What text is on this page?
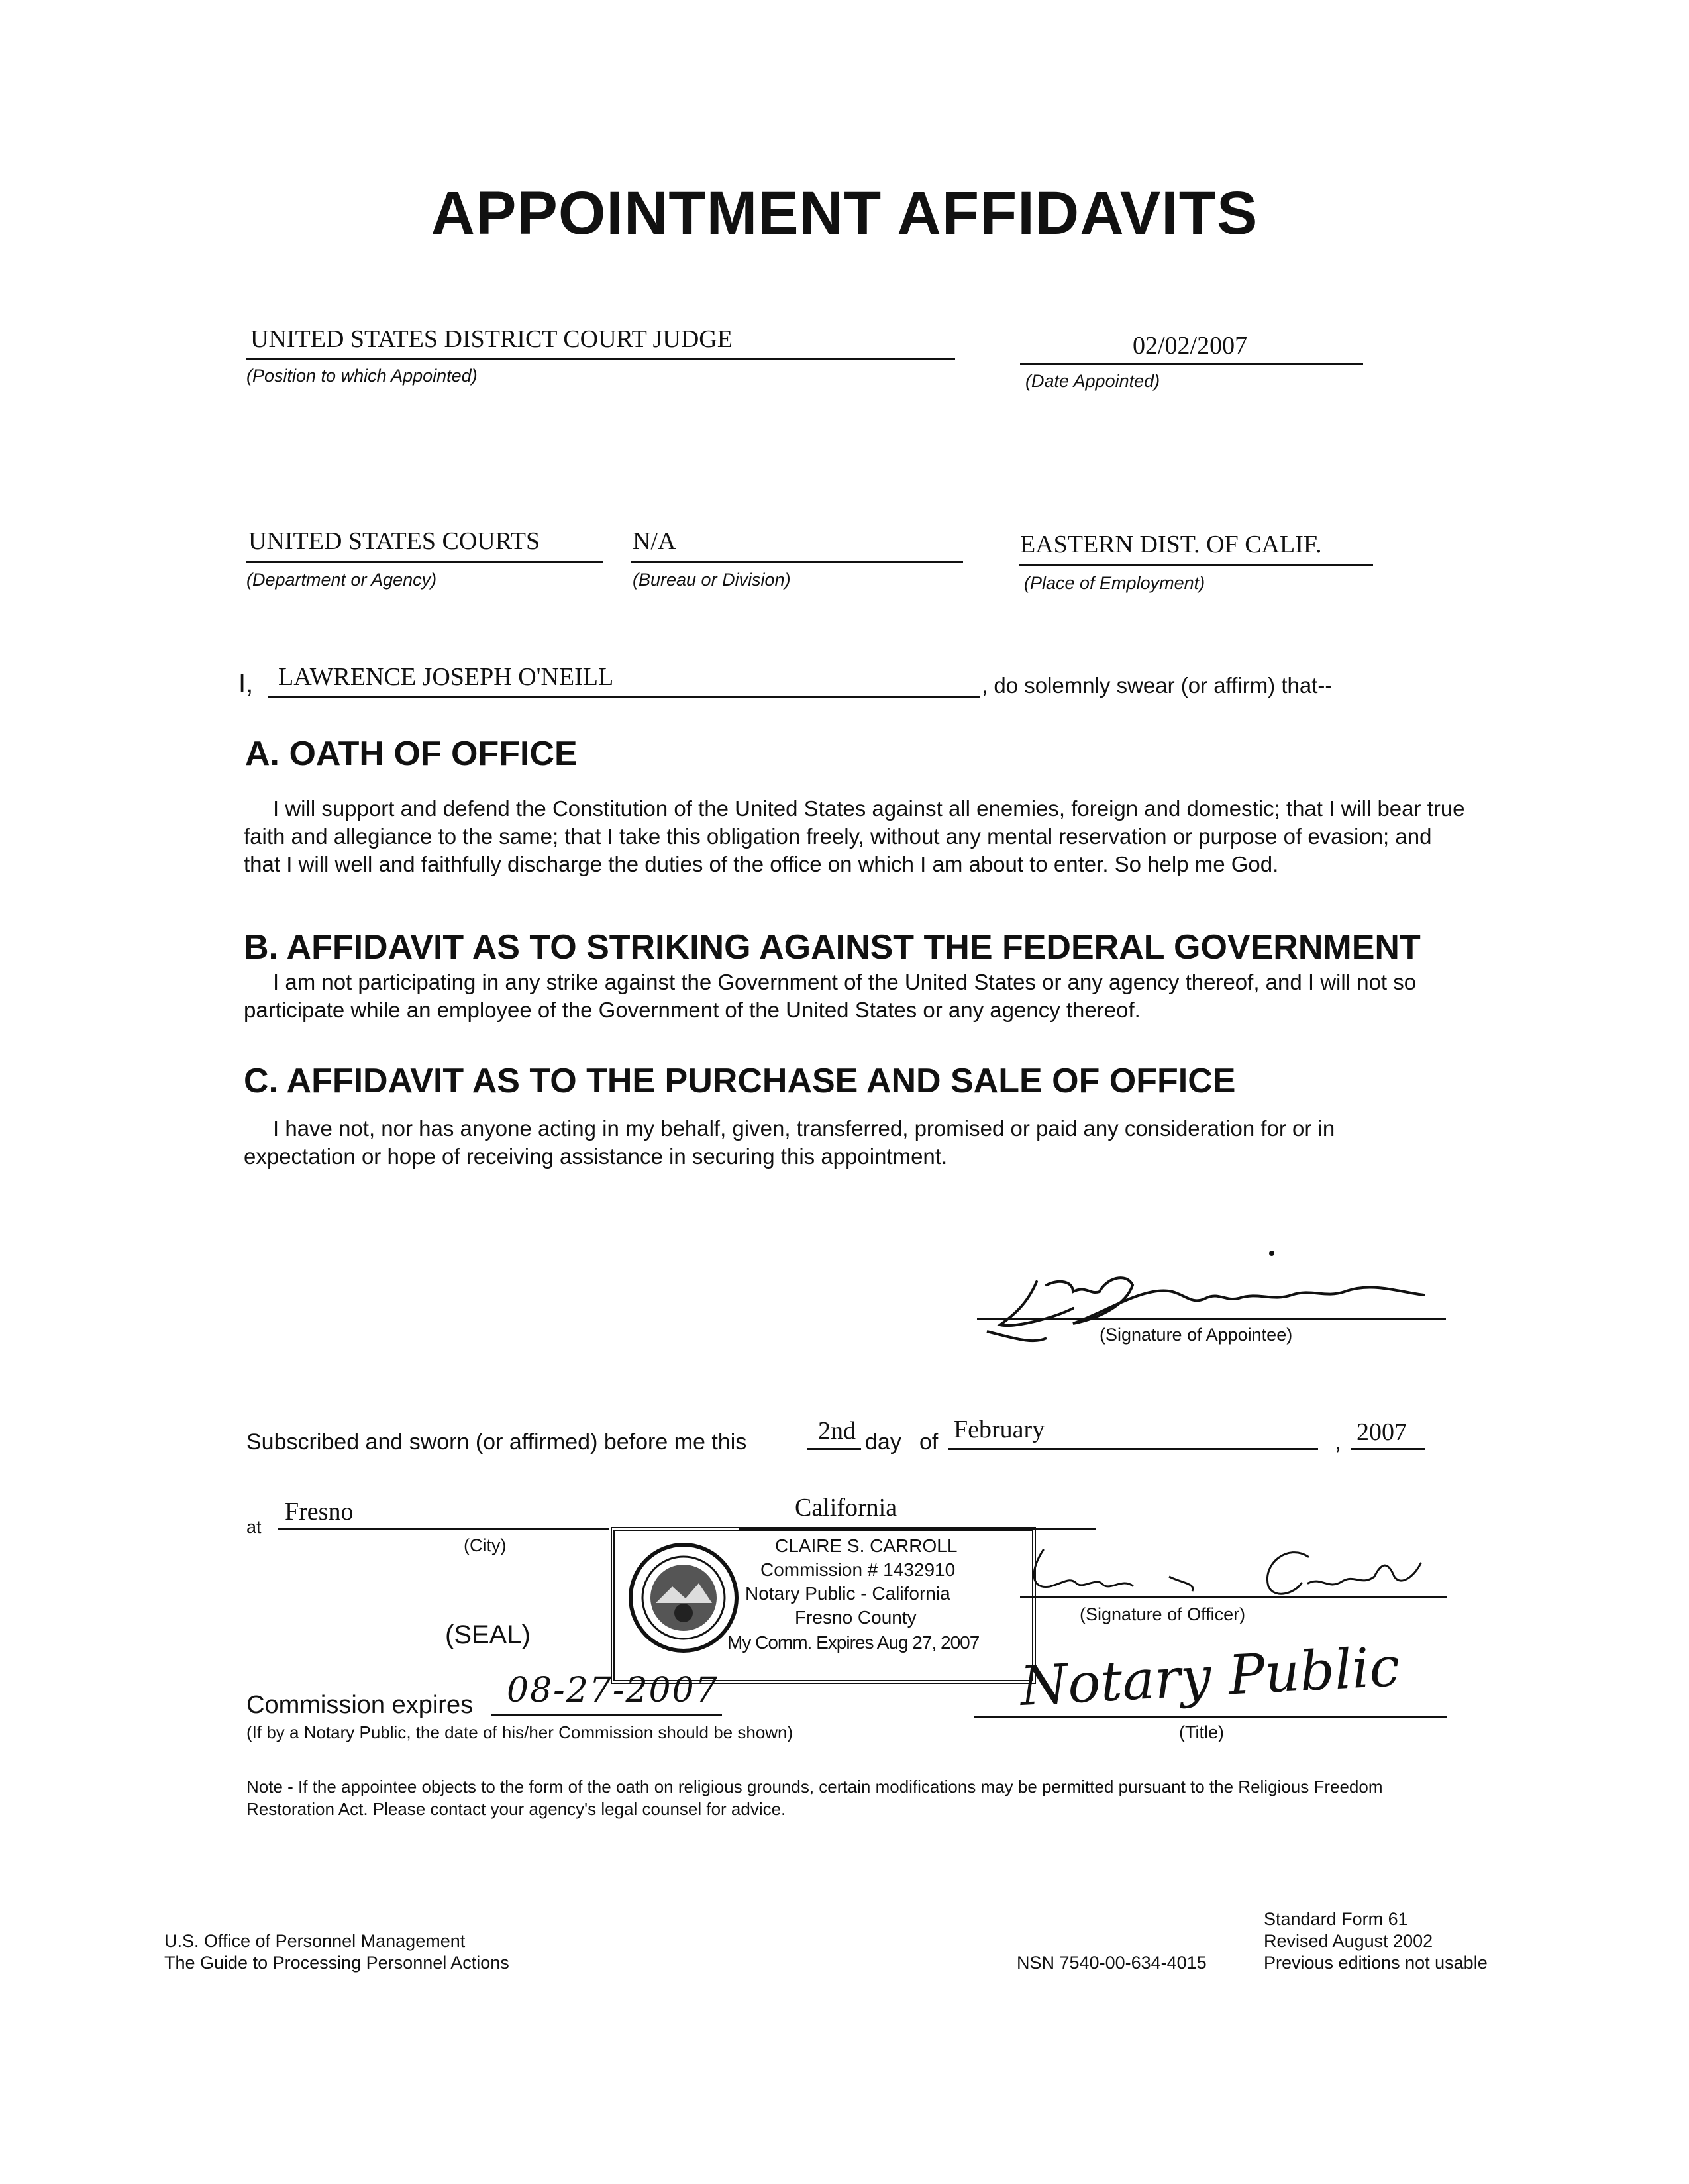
APPOINTMENT AFFIDAVITS
UNITED STATES DISTRICT COURT JUDGE
(Position to which Appointed)
02/02/2007
(Date Appointed)
UNITED STATES COURTS
(Department or Agency)
N/A
(Bureau or Division)
EASTERN DIST. OF CALIF.
(Place of Employment)
I, LAWRENCE JOSEPH O'NEILL	, do solemnly swear (or affirm) that--
A. OATH OF OFFICE
I will support and defend the Constitution of the United States against all enemies, foreign and domestic; that I will bear true faith and allegiance to the same; that I take this obligation freely, without any mental reservation or purpose of evasion; and that I will well and faithfully discharge the duties of the office on which I am about to enter. So help me God.
B. AFFIDAVIT AS TO STRIKING AGAINST THE FEDERAL GOVERNMENT
I am not participating in any strike against the Government of the United States or any agency thereof, and I will not so participate while an employee of the Government of the United States or any agency thereof.
C. AFFIDAVIT AS TO THE PURCHASE AND SALE OF OFFICE
I have not, nor has anyone acting in my behalf, given, transferred, promised or paid any consideration for or in expectation or hope of receiving assistance in securing this appointment.
(Signature of Appointee)
Subscribed and sworn (or affirmed) before me this	2nd day of February	, 2007
at
Fresno
(City)
California
(SEAL)
CLAIRE S. CARROLL
Commission # 1432910
Notary Public - California
Fresno County
My Comm. Expires Aug 27, 2007
(Signature of Officer)
Notary Public
(Title)
Commission expires 08-27-2007
(If by a Notary Public, the date of his/her Commission should be shown)
Note - If the appointee objects to the form of the oath on religious grounds, certain modifications may be permitted pursuant to the Religious Freedom Restoration Act. Please contact your agency's legal counsel for advice.
U.S. Office of Personnel Management
The Guide to Processing Personnel Actions	NSN 7540-00-634-4015
Standard Form 61
Revised August 2002
Previous editions not usable
